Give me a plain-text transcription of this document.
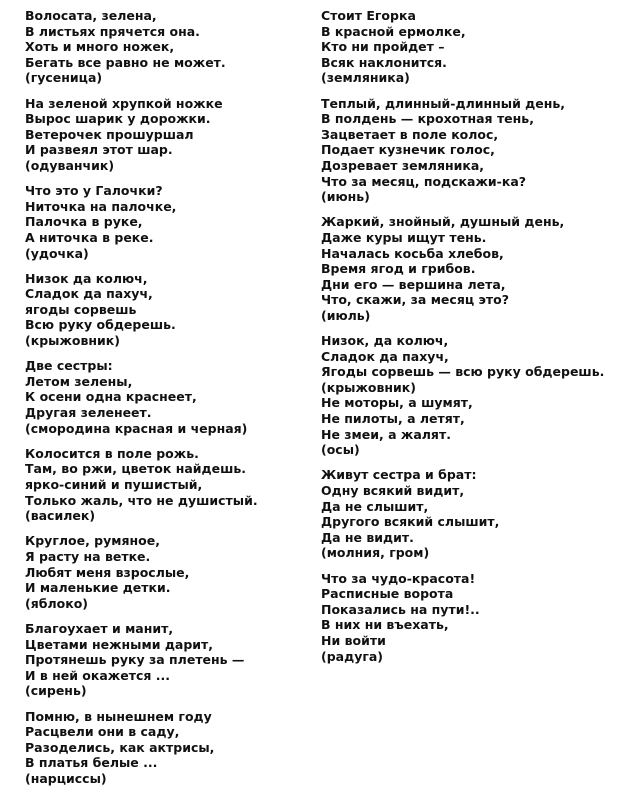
Волосата, зелена,
В листьях прячется она.
Хоть и много ножек,
Бегать все равно не может.
(гусеница)
На зеленой хрупкой ножке
Вырос шарик у дорожки.
Ветерочек прошуршал
И развеял этот шар.
(одуванчик)
Что это у Галочки?
Ниточка на палочке,
Палочка в руке,
А ниточка в реке.
(удочка)
Низок да колюч,
Сладок да пахуч,
ягоды сорвешь
Всю руку обдерешь.
(крыжовник)
Две сестры:
Летом зелены,
К осени одна краснеет,
Другая зеленеет.
(смородина красная и черная)
Колосится в поле рожь.
Там, во ржи, цветок найдешь.
ярко-синий и пушистый,
Только жаль, что не душистый.
(василек)
Круглое, румяное,
Я расту на ветке.
Любят меня взрослые,
И маленькие детки.
(яблоко)
Благоухает и манит,
Цветами нежными дарит,
Протянешь руку за плетень —
И в ней окажется ...
(сирень)
Помню, в нынешнем году
Расцвели они в саду,
Разоделись, как актрисы,
В платья белые ...
(нарциссы)
Стоит Егорка
В красной ермолке,
Кто ни пройдет –
Всяк наклонится.
(земляника)
Теплый, длинный-длинный день,
В полдень — крохотная тень,
Зацветает в поле колос,
Подает кузнечик голос,
Дозревает земляника,
Что за месяц, подскажи-ка?
(июнь)
Жаркий, знойный, душный день,
Даже куры ищут тень.
Началась косьба хлебов,
Время ягод и грибов.
Дни его — вершина лета,
Что, скажи, за месяц это?
(июль)
Низок, да колюч,
Сладок да пахуч,
Ягоды сорвешь — всю руку обдерешь.
(крыжовник)
Не моторы, а шумят,
Не пилоты, а летят,
Не змеи, а жалят.
(осы)
Живут сестра и брат:
Одну всякий видит,
Да не слышит,
Другого всякий слышит,
Да не видит.
(молния, гром)
Что за чудо-красота!
Расписные ворота
Показались на пути!..
В них ни въехать,
Ни войти
(радуга)
